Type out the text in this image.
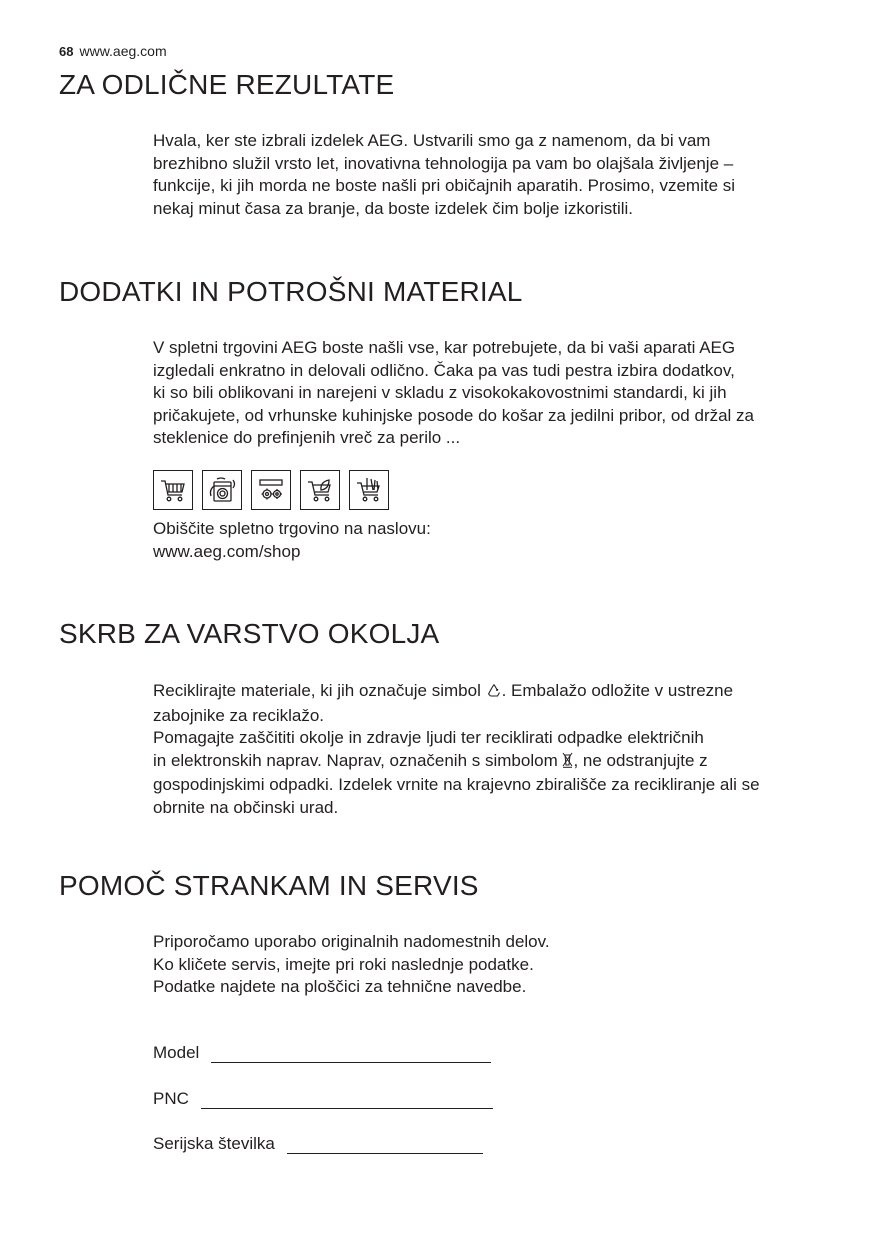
68 www.aeg.com
ZA ODLIČNE REZULTATE
Hvala, ker ste izbrali izdelek AEG. Ustvarili smo ga z namenom, da bi vam
brezhibno služil vrsto let, inovativna tehnologija pa vam bo olajšala življenje –
funkcije, ki jih morda ne boste našli pri običajnih aparatih. Prosimo, vzemite si
nekaj minut časa za branje, da boste izdelek čim bolje izkoristili.
DODATKI IN POTROŠNI MATERIAL
V spletni trgovini AEG boste našli vse, kar potrebujete, da bi vaši aparati AEG
izgledali enkratno in delovali odlično. Čaka pa vas tudi pestra izbira dodatkov,
ki so bili oblikovani in narejeni v skladu z visokokakovostnimi standardi, ki jih
pričakujete, od vrhunske kuhinjske posode do košar za jedilni pribor, od držal za
steklenice do prefinjenih vreč za perilo ...
Obiščite spletno trgovino na naslovu:
www.aeg.com/shop
SKRB ZA VARSTVO OKOLJA
Reciklirajte materiale, ki jih označuje simbol . Embalažo odložite v ustrezne
zabojnike za reciklažo.
Pomagajte zaščititi okolje in zdravje ljudi ter reciklirati odpadke električnih
in elektronskih naprav. Naprav, označenih s simbolom , ne odstranjujte z
gospodinjskimi odpadki. Izdelek vrnite na krajevno zbirališče za recikliranje ali se
obrnite na občinski urad.
POMOČ STRANKAM IN SERVIS
Priporočamo uporabo originalnih nadomestnih delov.
Ko kličete servis, imejte pri roki naslednje podatke.
Podatke najdete na ploščici za tehnične navedbe.
Model
PNC
Serijska številka
